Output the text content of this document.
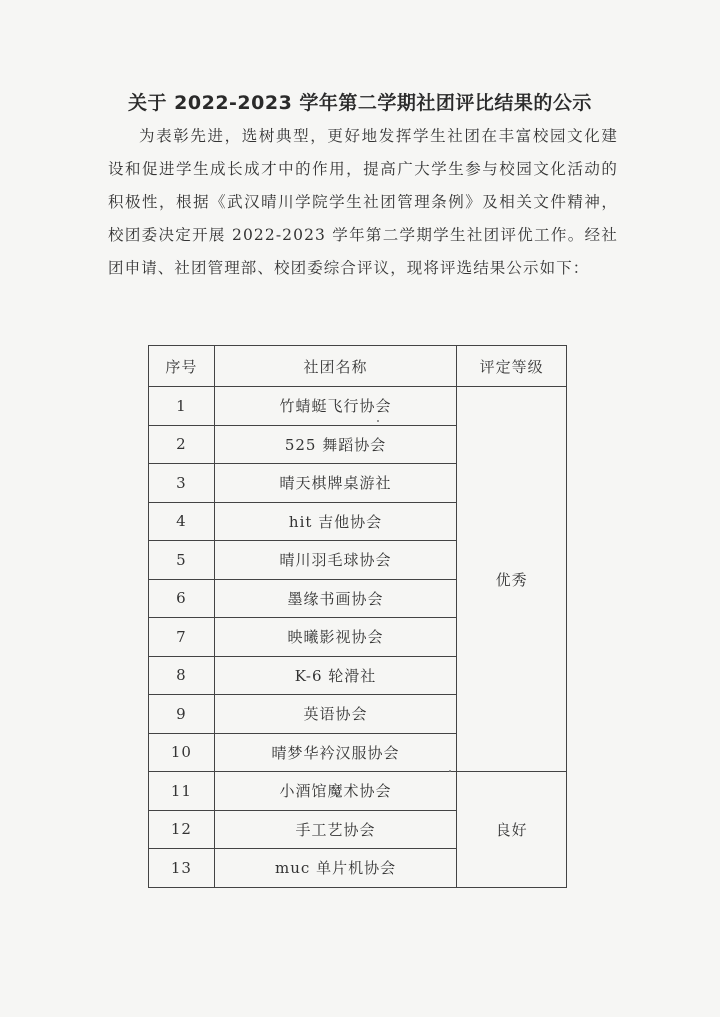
关于 2022-2023 学年第二学期社团评比结果的公示

为表彰先进，选树典型，更好地发挥学生社团在丰富校园文化建设和促进学生成长成才中的作用，提高广大学生参与校园文化活动的积极性，根据《武汉晴川学院学生社团管理条例》及相关文件精神，校团委决定开展 2022-2023 学年第二学期学生社团评优工作。经社团申请、社团管理部、校团委综合评议，现将评选结果公示如下：

序号	社团名称	评定等级
1	竹蜻蜓飞行协会	优秀
2	525 舞蹈协会	
3	晴天棋牌桌游社	
4	hit 吉他协会	
5	晴川羽毛球协会	
6	墨缘书画协会	
7	映曦影视协会	
8	K-6 轮滑社	
9	英语协会	
10	晴梦华衿汉服协会	
11	小酒馆魔术协会	良好
12	手工艺协会	
13	muc 单片机协会	
